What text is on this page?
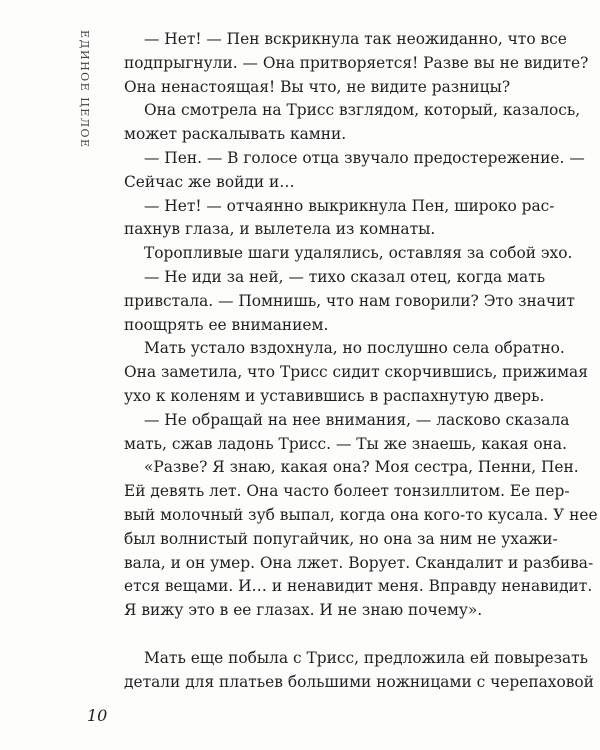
ЕДИНОЕ ЦЕЛОЕ	— Нет! — Пен вскрикнула так неожиданно, что все
подпрыгнули. — Она притворяется! Разве вы не видите?
Она ненастоящая! Вы что, не видите разницы?
Она смотрела на Трисс взглядом, который, казалось,
может раскалывать камни.
— Пен. — В голосе отца звучало предостережение. —
Сейчас же войди и…
— Нет! — отчаянно выкрикнула Пен, широко рас-
пахнув глаза, и вылетела из комнаты.
Торопливые шаги удалялись, оставляя за собой эхо.
— Не иди за ней, — тихо сказал отец, когда мать
привстала. — Помнишь, что нам говорили? Это значит
поощрять ее вниманием.
Мать устало вздохнула, но послушно села обратно.
Она заметила, что Трисс сидит скорчившись, прижимая
ухо к коленям и уставившись в распахнутую дверь.
— Не обращай на нее внимания, — ласково сказала
мать, сжав ладонь Трисс. — Ты же знаешь, какая она.
«Разве? Я знаю, какая она? Моя сестра, Пенни, Пен.
Ей девять лет. Она часто болеет тонзиллитом. Ее пер-
вый молочный зуб выпал, когда она кого-то кусала. У нее
был волнистый попугайчик, но она за ним не ухажи-
вала, и он умер. Она лжет. Ворует. Скандалит и разбива-
ется вещами. И… и ненавидит меня. Вправду ненавидит.
Я вижу это в ее глазах. И не знаю почему».
Мать еще побыла с Трисс, предложила ей повырезать
детали для платьев большими ножницами с черепаховой
10
